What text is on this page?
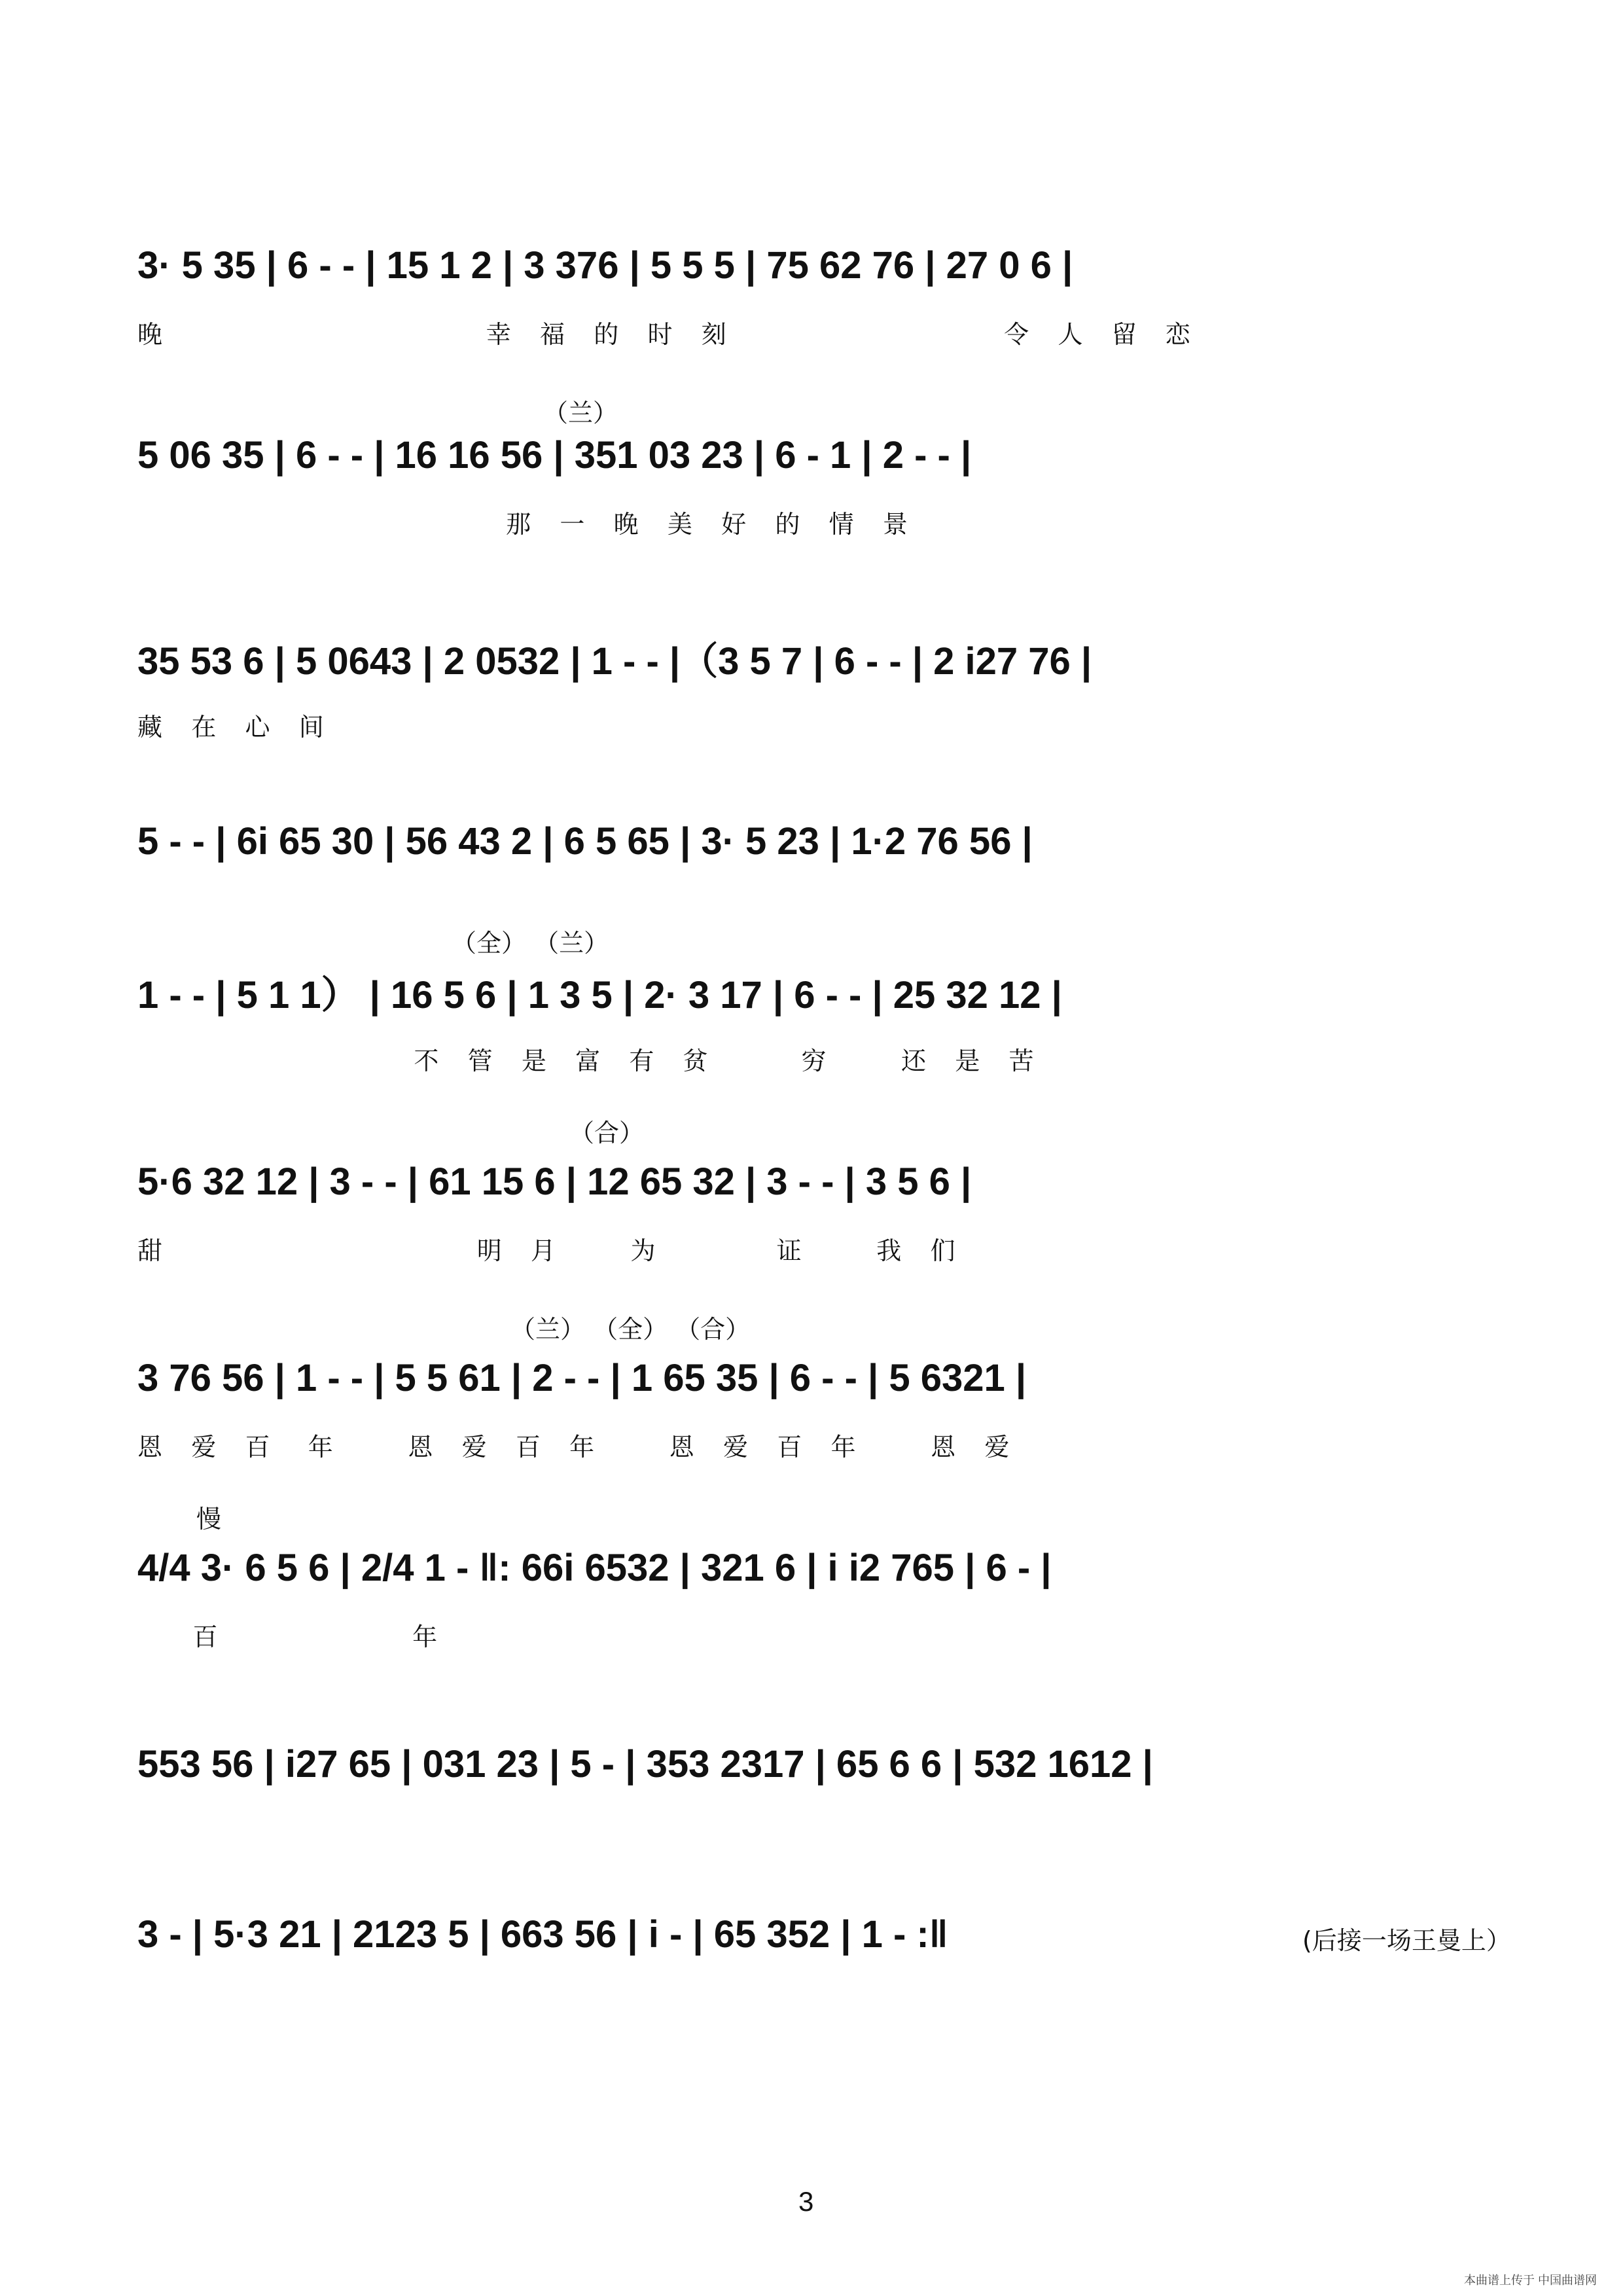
3· 5 35 | 6 - - | 15 1 2 | 3 376 | 5 5 5 | 75 62 76 | 27 0 6 |
晚                                   幸   福   的   时   刻                              令   人   留   恋
（兰）
5 06 35 | 6 - - | 16 16 56 | 351 03 23 | 6 - 1 | 2 - - |
那   一   晚   美   好   的   情   景
35 53 6 | 5 0643 | 2 0532 | 1 - - |（3 5 7 | 6 - - | 2 i27 76 |
藏   在   心   间
5 - - | 6i 65 30 | 56 43 2 | 6 5 65 | 3· 5 23 | 1·2 76 56 |
（全） （兰）
1 - - | 5 1 1） | 16 5 6 | 1 3 5 | 2· 3 17 | 6 - - | 25 32 12 |
不   管   是   富   有   贫          穷        还   是   苦
（合）
5·6 32 12 | 3 - - | 61 15 6 | 12 65 32 | 3 - - | 3 5 6 |
甜                                  明   月        为             证        我   们
（兰） （全） （合）
3 76 56 | 1 - - | 5 5 61 | 2 - - | 1 65 35 | 6 - - | 5 6321 |
恩   爱   百    年        恩   爱   百   年        恩   爱   百   年        恩   爱
慢
4/4 3· 6 5 6 | 2/4 1 - ‖: 66i 6532 | 321 6 | i i2 765 | 6 - |
百                     年
553 56 | i27 65 | 031 23 | 5 - | 353 2317 | 65 6 6 | 532 1612 |
3 - | 5·3 21 | 2123 5 | 663 56 | i - | 65 352 | 1 - :‖	(后接一场王曼上）
3
本曲谱上传于 中国曲谱网
